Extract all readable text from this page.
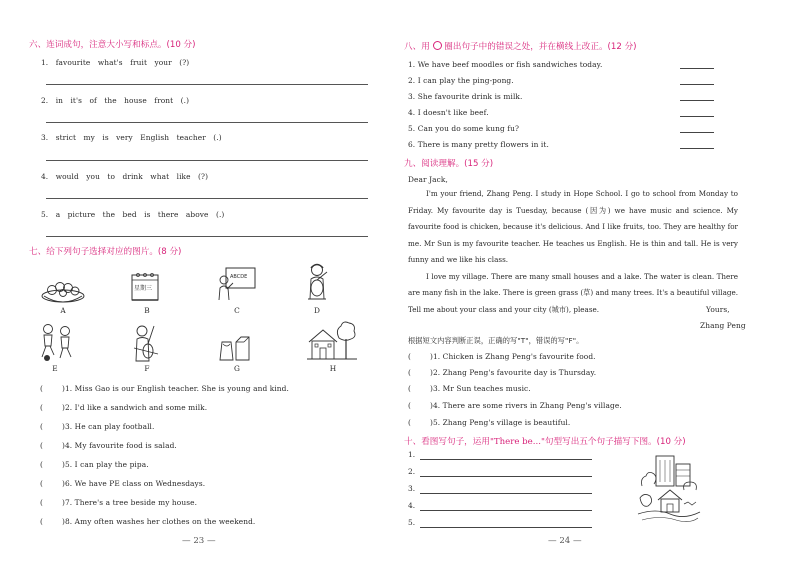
六、连词成句，注意大小写和标点。(10 分)
1. favourite what's fruit your (?)
2. in it's of the house front (.)
3. strict my is very English teacher (.)
4. would you to drink what like (?)
5. a picture the bed is there above (.)
七、给下列句子选择对应的图片。(8 分)
A
星期三
B
ABCDE
C	D
E	F	G	H
(	)1. Miss Gao is our English teacher. She is young and kind.
(	)2. I'd like a sandwich and some milk.
(	)3. He can play football.
(	)4. My favourite food is salad.
(	)5. I can play the pipa.
(	)6. We have PE class on Wednesdays.
(	)7. There's a tree beside my house.
(	)8. Amy often washes her clothes on the weekend.
— 23 —
八、用 圈出句子中的错误之处，并在横线上改正。(12 分)
1. We have beef moodles or fish sandwiches today.
2. I can play the ping-pong.
3. She favourite drink is milk.
4. I doesn't like beef.
5. Can you do some kung fu?
6. There is many pretty flowers in it.
九、阅读理解。(15 分)
Dear Jack,

I'm your friend, Zhang Peng. I study in Hope School. I go to school from Monday to Friday. My favourite day is Tuesday, because (因为) we have music and science. My favourite food is chicken, because it's delicious. And I like fruits, too. They are healthy for me. Mr Sun is my favourite teacher. He teaches us English. He is thin and tall. He is very funny and we like his class.

I love my village. There are many small houses and a lake. The water is clean. There are many fish in the lake. There is green grass (草) and many trees. It's a beautiful village. Tell me about your class and your city (城市), please.	Yours,
Zhang Peng
根据短文内容判断正误，正确的写"T"，错误的写"F"。
(	)1. Chicken is Zhang Peng's favourite food.
(	)2. Zhang Peng's favourite day is Thursday.
(	)3. Mr Sun teaches music.
(	)4. There are some rivers in Zhang Peng's village.
(	)5. Zhang Peng's village is beautiful.
十、看图写句子，运用"There be..."句型写出五个句子描写下图。(10 分)
1.
2.
3.
4.
5.
— 24 —
